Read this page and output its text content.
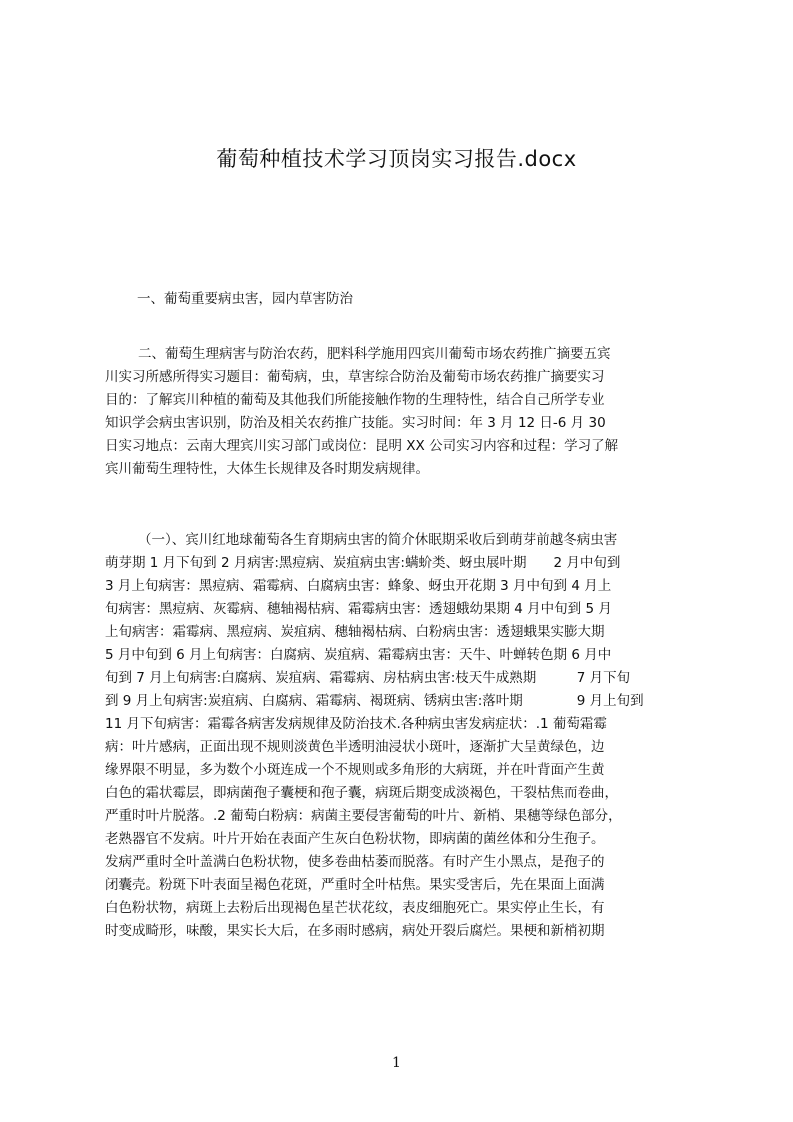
葡萄种植技术学习顶岗实习报告.docx
一、葡萄重要病虫害，园内草害防治
二、葡萄生理病害与防治农药，肥料科学施用四宾川葡萄市场农药推广摘要五宾
川实习所感所得实习题目：葡萄病，虫，草害综合防治及葡萄市场农药推广摘要实习
目的：了解宾川种植的葡萄及其他我们所能接触作物的生理特性，结合自己所学专业
知识学会病虫害识别，防治及相关农药推广技能。实习时间：年 3 月 12 日-6 月 30
日实习地点：云南大理宾川实习部门或岗位：昆明 XX 公司实习内容和过程：学习了解
宾川葡萄生理特性，大体生长规律及各时期发病规律。
（一）、宾川红地球葡萄各生育期病虫害的简介休眠期采收后到萌芽前越冬病虫害
萌芽期 1 月下旬到 2 月病害:黑痘病、炭疽病虫害:螨蚧类、蚜虫展叶期　　2 月中旬到
3 月上旬病害：黑痘病、霜霉病、白腐病虫害：蜂象、蚜虫开花期 3 月中旬到 4 月上
旬病害：黑痘病、灰霉病、穗轴褐枯病、霜霉病虫害：透翅蛾幼果期 4 月中旬到 5 月
上旬病害：霜霉病、黑痘病、炭疽病、穗轴褐枯病、白粉病虫害：透翅蛾果实膨大期
5 月中旬到 6 月上旬病害：白腐病、炭疽病、霜霉病虫害：天牛、叶蝉转色期 6 月中
旬到 7 月上旬病害:白腐病、炭疽病、霜霉病、房枯病虫害:枝天牛成熟期　　　7 月下旬
到 9 月上旬病害:炭疽病、白腐病、霜霉病、褐斑病、锈病虫害:落叶期　　　　9 月上旬到
11 月下旬病害：霜霉各病害发病规律及防治技术.各种病虫害发病症状：.1 葡萄霜霉
病：叶片感病，正面出现不规则淡黄色半透明油浸状小斑叶，逐渐扩大呈黄绿色，边
缘界限不明显，多为数个小斑连成一个不规则或多角形的大病斑，并在叶背面产生黄
白色的霜状霉层，即病菌孢子囊梗和孢子囊，病斑后期变成淡褐色，干裂枯焦而卷曲，
严重时叶片脱落。.2 葡萄白粉病：病菌主要侵害葡萄的叶片、新梢、果穗等绿色部分，
老熟器官不发病。叶片开始在表面产生灰白色粉状物，即病菌的菌丝体和分生孢子。
发病严重时全叶盖满白色粉状物，使多卷曲枯萎而脱落。有时产生小黑点，是孢子的
闭囊壳。粉斑下叶表面呈褐色花斑，严重时全叶枯焦。果实受害后，先在果面上面满
白色粉状物，病斑上去粉后出现褐色星芒状花纹，表皮细胞死亡。果实停止生长，有
时变成畸形，味酸，果实长大后，在多雨时感病，病处开裂后腐烂。果梗和新梢初期
1
